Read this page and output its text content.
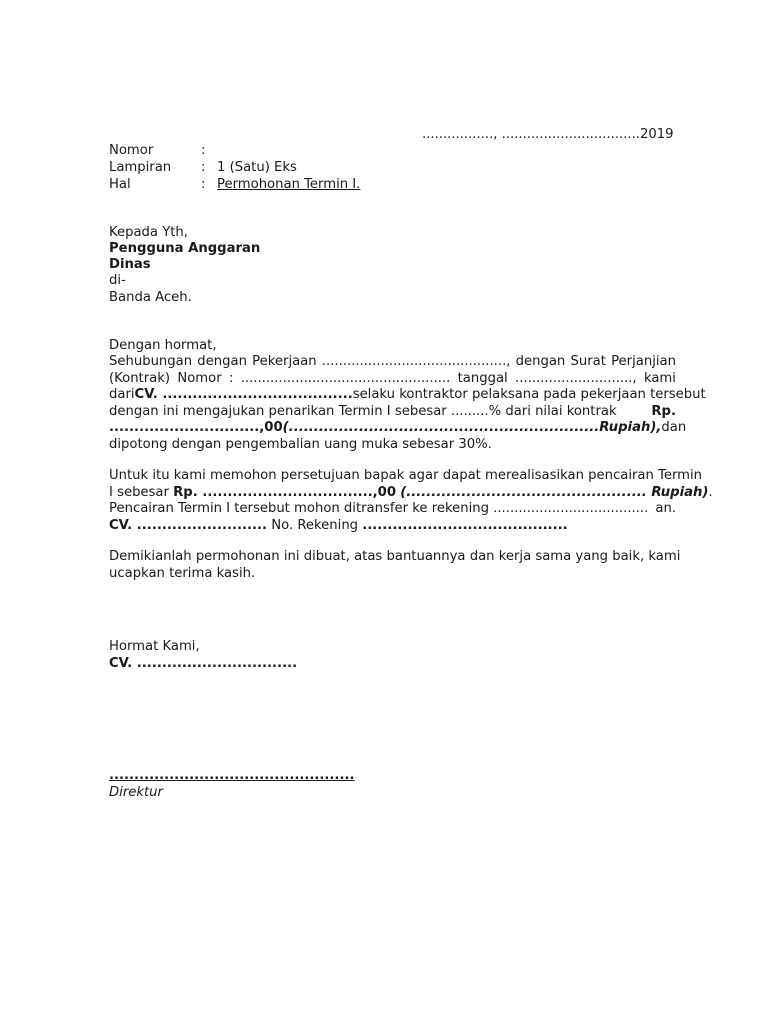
................., .................................2019
Nomor	:
Lampiran : 1 (Satu) Eks
Hal	: Permohonan Termin I.
Kepada Yth,
Pengguna Anggaran
Dinas
di-
Banda Aceh.
Dengan hormat,
Sehubungan dengan Pekerjaan ............................................, dengan Surat Perjanjian
(Kontrak) Nomor : .................................................. tanggal ............................, kami
dari CV. ...................................... selaku kontraktor pelaksana pada pekerjaan tersebut
dengan ini mengajukan penarikan Termin I sebesar .........% dari nilai kontrak	Rp.
..............................,00 (.............................................................. Rupiah), dan
dipotong dengan pengembalian uang muka sebesar 30%.
Untuk itu kami memohon persetujuan bapak agar dapat merealisasikan pencairan Termin
I sebesar Rp. ..................................,00 (................................................ Rupiah).
Pencairan Termin I tersebut mohon ditransfer ke rekening ..................................... an.
CV. .......................... No. Rekening .........................................
Demikianlah permohonan ini dibuat, atas bantuannya dan kerja sama yang baik, kami
ucapkan terima kasih.
Hormat Kami,
CV. ................................
.................................................
Direktur
